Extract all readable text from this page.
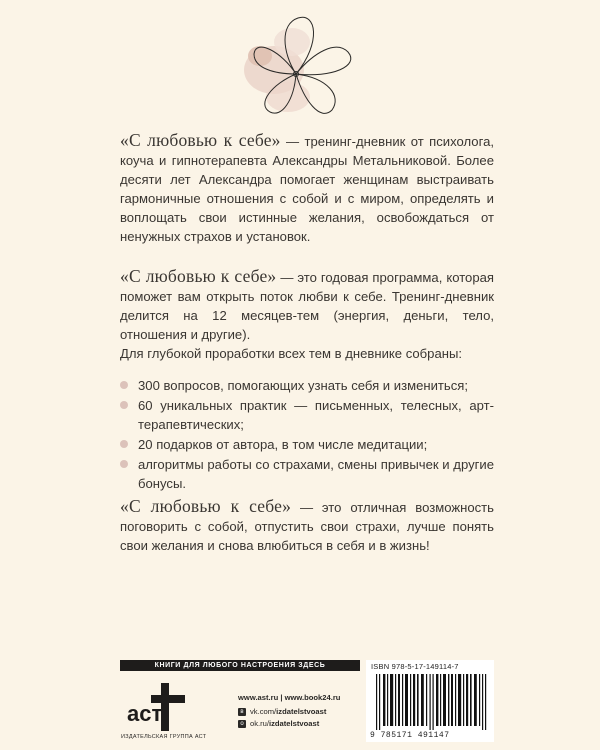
«С любовью к себе» — тренинг-дневник от психолога, коуча и гипнотерапевта Александры Метальниковой. Более десяти лет Александра помогает женщинам выстраивать гармоничные отношения с собой и с миром, определять и воплощать свои истинные желания, освобождаться от ненужных страхов и установок.
«С любовью к себе» — это годовая программа, которая поможет вам открыть поток любви к себе. Тренинг-дневник делится на 12 месяцев-тем (энергия, деньги, тело, отношения и другие).
Для глубокой проработки всех тем в дневнике собраны:
300 вопросов, помогающих узнать себя и измениться;
60 уникальных практик — письменных, телесных, арт-терапевтических;
20 подарков от автора, в том числе медитации;
алгоритмы работы со страхами, смены привычек и другие бонусы.
«С любовью к себе» — это отличная возможность поговорить с собой, отпустить свои страхи, лучше понять свои желания и снова влюбиться в себя и в жизнь!
КНИГИ ДЛЯ ЛЮБОГО НАСТРОЕНИЯ ЗДЕСЬ
аст
ИЗДАТЕЛЬСКАЯ ГРУППА АСТ
www.ast.ru | www.book24.ru
в vk.com/izdatelstvoast
о ok.ru/izdatelstvoast
ISBN 978-5-17-149114-7
9 785171 491147
